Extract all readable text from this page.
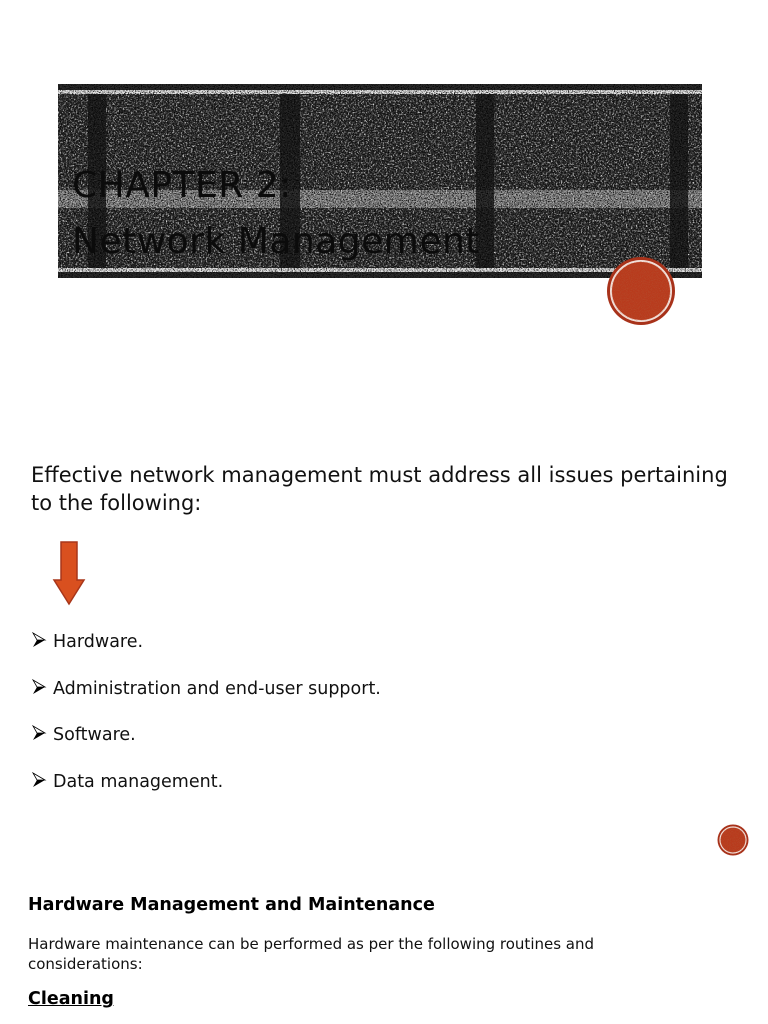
CHAPTER 2:
Network Management

Effective network management must address all issues pertaining to the following:

Hardware.
Administration and end-user support.
Software.
Data management.
Hardware Management and Maintenance

Hardware maintenance can be performed as per the following routines and considerations:

Cleaning
